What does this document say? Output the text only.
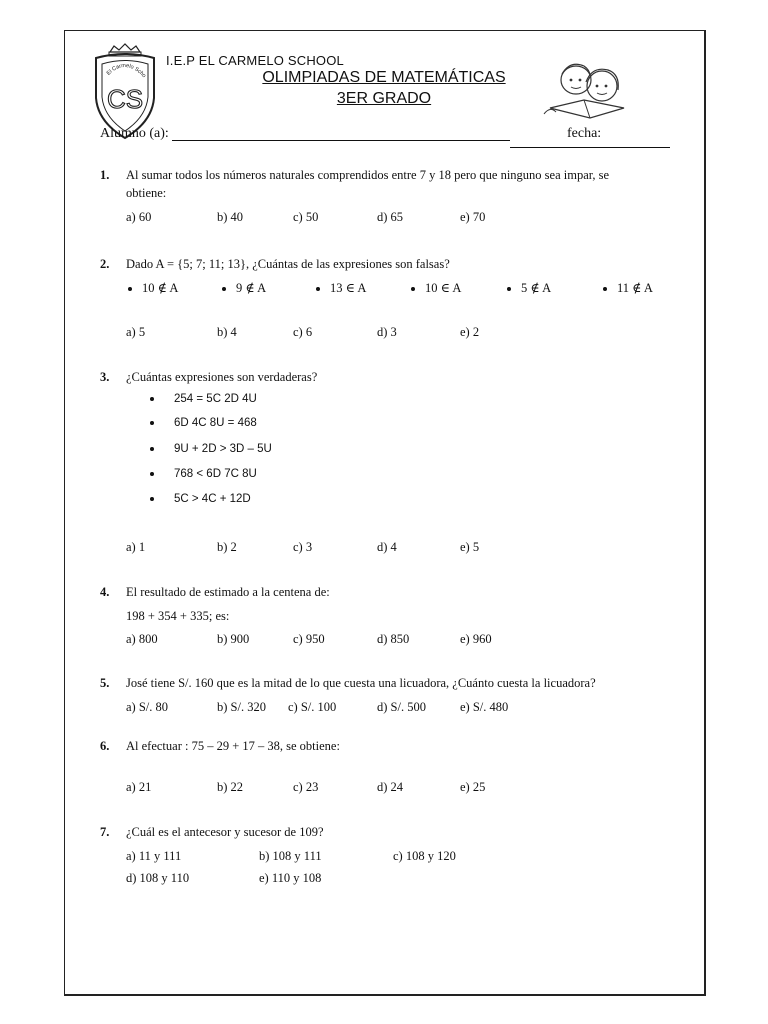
El Carmelo Scho
CS
I.E.P EL CARMELO SCHOOL
OLIMPIADAS DE MATEMÁTICAS
3ER GRADO
Alumno (a):	fecha:
1. Al sumar todos los números naturales comprendidos entre 7 y 18 pero que ninguno sea impar, se
obtiene:
a) 60	b) 40	c) 50	d) 65	e) 70
2. Dado A = {5; 7; 11; 13}, ¿Cuántas de las expresiones son falsas?
10 ∉ A	9 ∉ A	13 ∈ A	10 ∈ A	5 ∉ A	11 ∉ A
a) 5	b) 4	c) 6	d) 3	e) 2
3. ¿Cuántas expresiones son verdaderas?
254 = 5C 2D 4U
6D 4C 8U = 468
9U + 2D > 3D – 5U
768 < 6D 7C 8U
5C > 4C + 12D
a) 1	b) 2	c) 3	d) 4	e) 5
4. El resultado de estimado a la centena de:
198 + 354 + 335; es:
a) 800	b) 900	c) 950	d) 850	e) 960
5. José tiene S/. 160 que es la mitad de lo que cuesta una licuadora, ¿Cuánto cuesta la licuadora?
a) S/. 80	b) S/. 320 c) S/. 100	d) S/. 500	e) S/. 480
6. Al efectuar : 75 – 29 + 17 – 38, se obtiene:
a) 21	b) 22	c) 23	d) 24	e) 25
7. ¿Cuál es el antecesor y sucesor de 109?
a) 11 y 111	b) 108 y 111	c) 108 y 120
d) 108 y 110	e) 110 y 108
